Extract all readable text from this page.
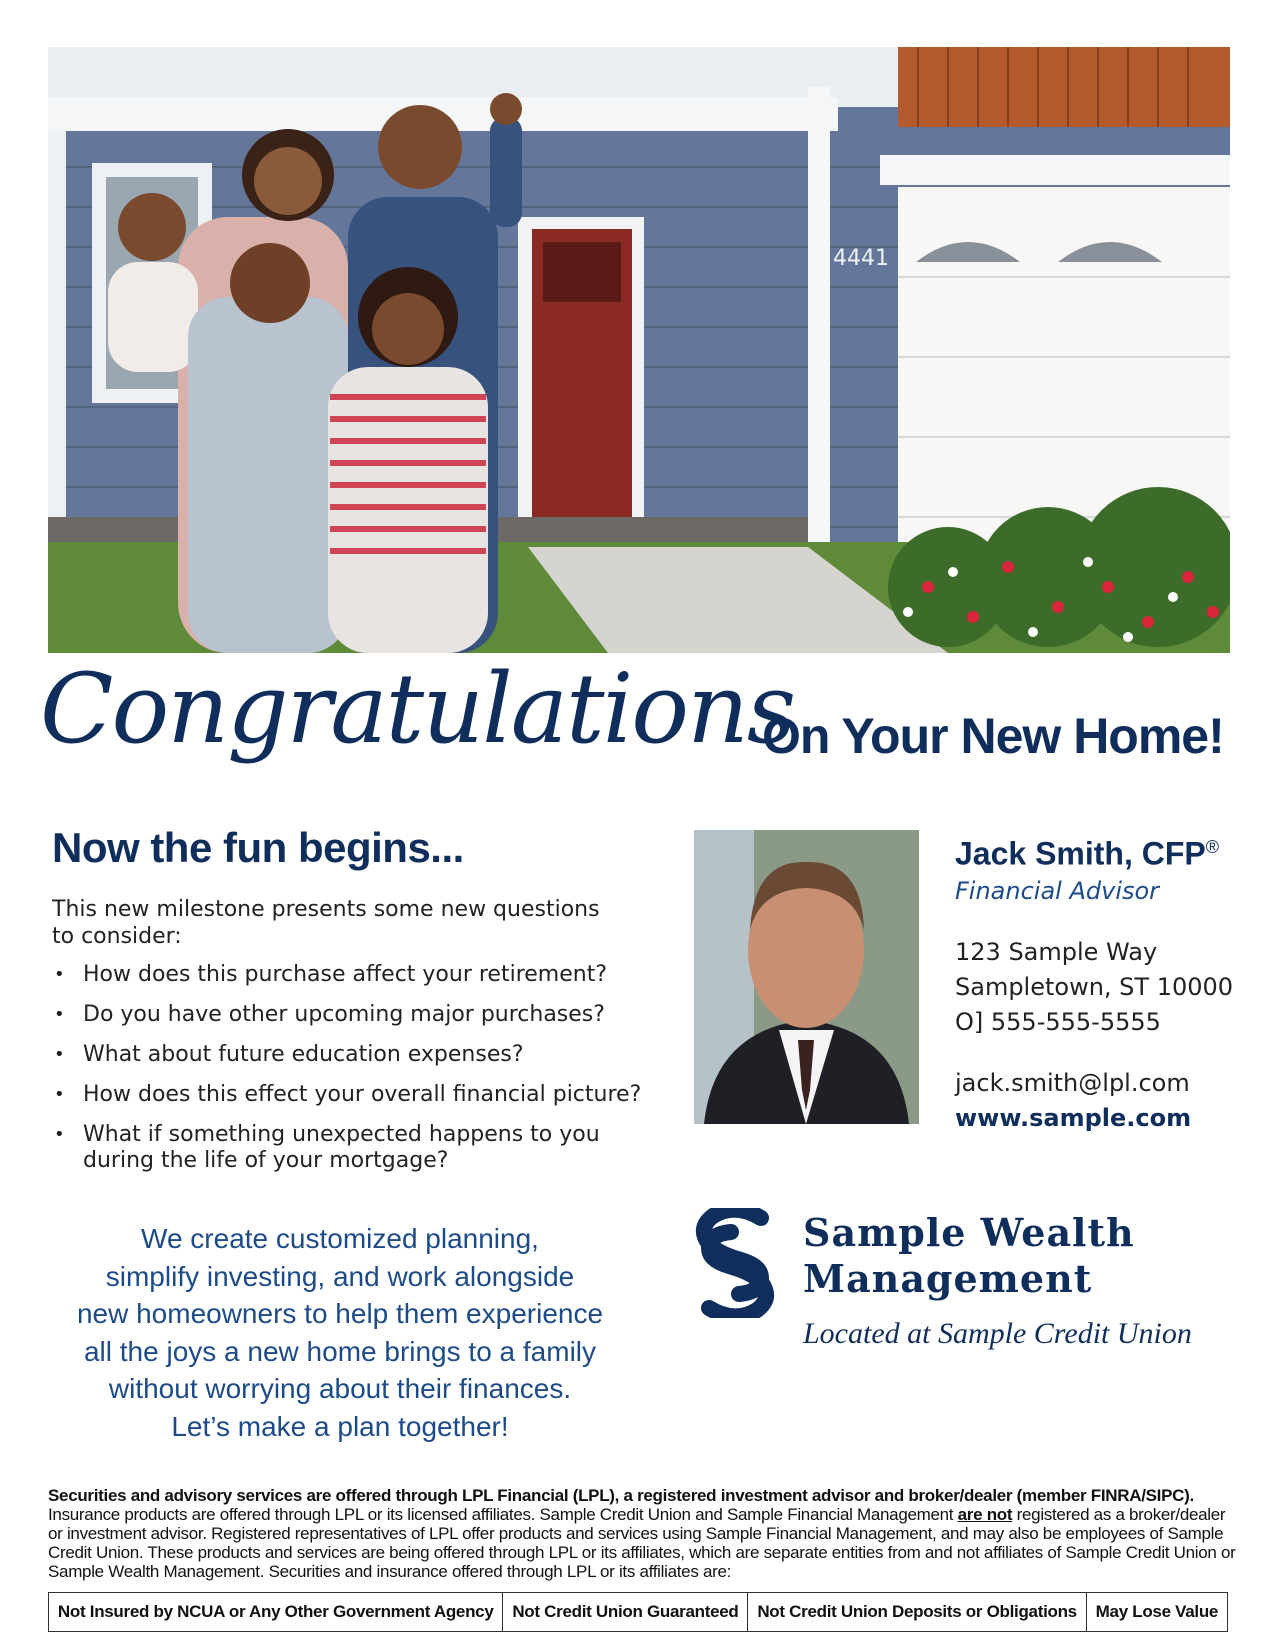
4441
Congratulations
On Your New Home!
Now the fun begins...
This new milestone presents some new questions to consider:
• How does this purchase affect your retirement?
• Do you have other upcoming major purchases?
• What about future education expenses?
• How does this effect your overall financial picture?
• What if something unexpected happens to you during the life of your mortgage?
We create customized planning,
simplify investing, and work alongside
new homeowners to help them experience
all the joys a new home brings to a family
without worrying about their finances.
Let’s make a plan together!
Jack Smith, CFP®
Financial Advisor
123 Sample Way
Sampletown, ST 10000
O] 555-555-5555
jack.smith@lpl.com
www.sample.com
Sample Wealth
Management
Located at Sample Credit Union
Securities and advisory services are offered through LPL Financial (LPL), a registered investment advisor and broker/dealer (member FINRA/SIPC). Insurance products are offered through LPL or its licensed affiliates. Sample Credit Union and Sample Financial Management are not registered as a broker/dealer or investment advisor. Registered representatives of LPL offer products and services using Sample Financial Management, and may also be employees of Sample Credit Union. These products and services are being offered through LPL or its affiliates, which are separate entities from and not affiliates of Sample Credit Union or Sample Wealth Management. Securities and insurance offered through LPL or its affiliates are:
Not Insured by NCUA or Any Other Government Agency	Not Credit Union Guaranteed	Not Credit Union Deposits or Obligations	May Lose Value
